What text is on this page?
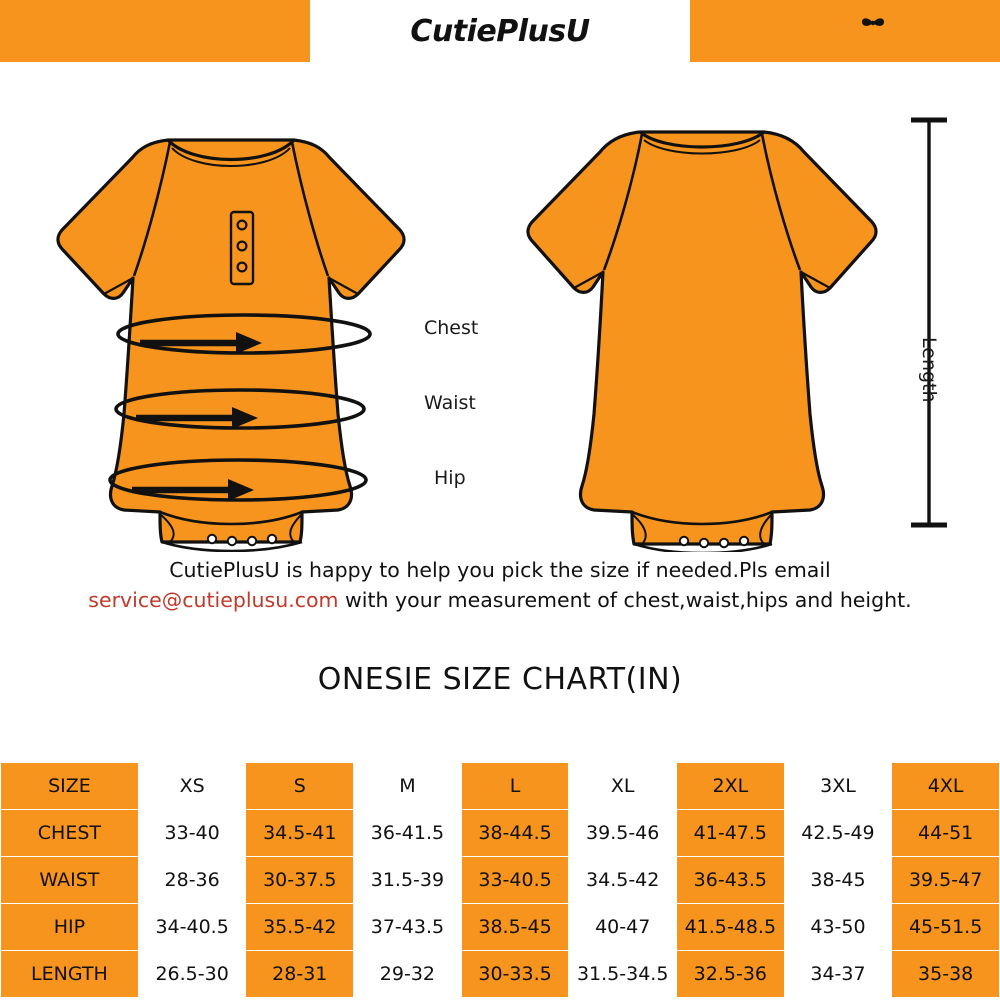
CutiePlusU
Chest
Waist
Hip
Length
CutiePlusU is happy to help you pick the size if needed.Pls email
service@cutieplusu.com with your measurement of chest,waist,hips and height.
ONESIE SIZE CHART(IN)
SIZE	XS	S	M	L	XL	2XL	3XL	4XL
CHEST	33-40	34.5-41	36-41.5	38-44.5	39.5-46	41-47.5	42.5-49	44-51
WAIST	28-36	30-37.5	31.5-39	33-40.5	34.5-42	36-43.5	38-45	39.5-47
HIP	34-40.5	35.5-42	37-43.5	38.5-45	40-47	41.5-48.5	43-50	45-51.5
LENGTH	26.5-30	28-31	29-32	30-33.5	31.5-34.5	32.5-36	34-37	35-38
